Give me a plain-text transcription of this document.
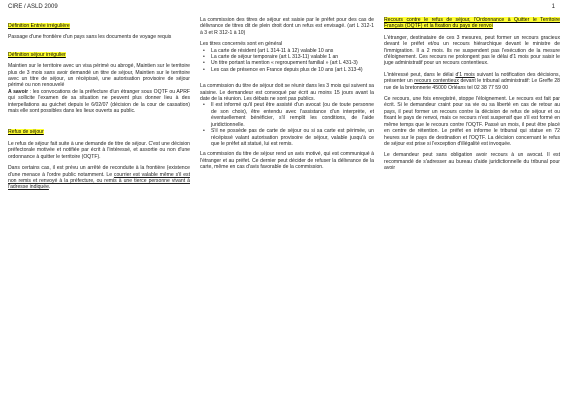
CIRE / ASLD 2009	1

Définition Entrée irrégulière

Passage d'une frontière d'un pays sans les documents de voyage requis

Définition séjour irrégulier

Maintien sur le territoire avec un visa périmé ou abrogé, Maintien sur le territoire plus de 3 mois sans avoir demandé un titre de séjour, Maintien sur le territoire avec un titre de séjour, un récépissé, une autorisation provisoire de séjour périmé ou non renouvelé

A savoir : les convocations de la préfecture d'un étranger sous OQTF ou APRF qui sollicite l'examen de sa situation ne peuvent plus donner lieu à des interpellations au guichet depuis le 6/02/07 (décision de la cour de cassation) mais elle sont possibles dans les lieux ouverts au public.

Refus de séjour

Le refus de séjour fait suite à une demande de titre de séjour. C'est une décision préfectorale motivée et notifiée par écrit à l'intéressé, et assortie ou non d'une ordonnance à quitter le territoire (OQTF).

Dans certains cas, il est prévu un arrêté de reconduite à la frontière (existence d'une menace à l'ordre public notamment. Le courrier est valable même s'il est non remis et renvoyé à la préfecture, ou remis à une tierce personne vivant à l'adresse indiquée.

La commission des titres de séjour est saisie par le préfet pour des cas de délivrance de titres dit de plein droit dont un refus est envisagé. (art L 312-1 à 3 et R 312-1 à 10)

Les titres concernés sont en général

• La carte de résident (art L 314-11 à 12) valable 10 ans
• La carte de séjour temporaire (art L 313-11) valable 1 an
• Un titre portant la mention « regroupement familial » (art L 431-3)
• Les cas de présence en France depuis plus de 10 ans (art L 313-4)

La commission du titre de séjour doit se réunir dans les 3 mois qui suivent sa saisine. Le demandeur est convoqué par écrit au moins 15 jours avant la date de la réunion. Les débats ne sont pas publics.

• Il est informé qu'il peut être assisté d'un avocat (ou de toute personne de son choix), être entendu avec l'assistance d'un interprète, et éventuellement bénéficier, s'il remplit les conditions, de l'aide juridictionnelle.
• S'il ne possède pas de carte de séjour ou si sa carte est périmée, un récépissé valant autorisation provisoire de séjour, valable jusqu'à ce que le préfet ait statué, lui est remis.

La commission du titre de séjour rend un avis motivé, qui est communiqué à l'étranger et au préfet. Ce dernier peut décider de refuser la délivrance de la carte, même en cas d'avis favorable de la commission.

Recours contre le refus de séjour, l'Ordonnance à Quitter le Territoire Français (OQTF) et la fixation du pays de renvoi

L'étranger, destinataire de ces 3 mesures, peut former un recours gracieux devant le préfet et/ou un recours hiérarchique devant le ministre de l'immigration. Il a 2 mois. Ils ne suspendent pas l'exécution de la mesure d'éloignement. Ces recours ne prolongent pas le délai d'1 mois pour saisir le juge administratif pour un recours contentieux.

L'intéressé peut, dans le délai d'1 mois suivant la notification des décisions, présenter un recours contentieux devant le tribunal administratif: Le Greffe 28 rue de la bretonnerie 45000 Orléans tel 02 38 77 59 00

Ce recours, une fois enregistré, stoppe l'éloignement. Le recours est fait par écrit. Si le demandeur craint pour sa vie ou sa liberté en cas de retour au pays, il peut former un recours contre la décision de refus de séjour et ou fixant le pays de renvoi, mais ce recours n'est suspensif que s'il est formé en même temps que le recours contre l'OQTF. Passé un mois, il peut être placé en centre de rétention. Le préfet en informe le tribunal qui statue en 72 heures sur le pays de destination et l'OQTF. La décision concernant le refus de séjour est prise si l'exception d'illégalité est invoquée.

Le demandeur peut sans obligation avoir recours à un avocat. Il est recommandé de s'adresser au bureau d'aide juridictionnelle du tribunal pour avoir
